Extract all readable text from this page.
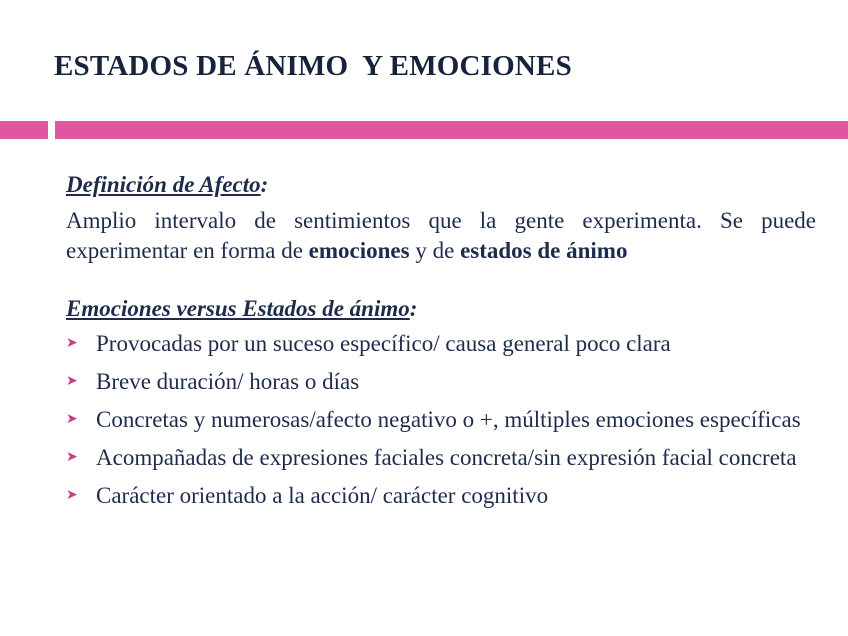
ESTADOS DE ÁNIMO  Y EMOCIONES

Definición de Afecto:

Amplio intervalo de sentimientos que la gente experimenta. Se puede experimentar en forma de emociones y de estados de ánimo

Emociones versus Estados de ánimo:

➤ Provocadas por un suceso específico/ causa general poco clara
➤ Breve duración/ horas o días
➤ Concretas y numerosas/afecto negativo o +, múltiples emociones específicas
➤ Acompañadas de expresiones faciales concreta/sin expresión facial concreta
➤ Carácter orientado a la acción/ carácter cognitivo
